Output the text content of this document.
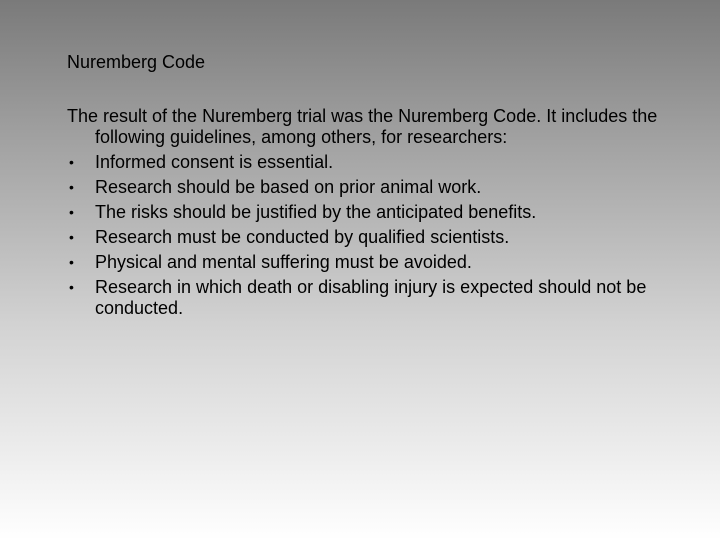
Nuremberg Code

The result of the Nuremberg trial was the Nuremberg Code. It includes the following guidelines, among others, for researchers:

• Informed consent is essential.
• Research should be based on prior animal work.
• The risks should be justified by the anticipated benefits.
• Research must be conducted by qualified scientists.
• Physical and mental suffering must be avoided.
• Research in which death or disabling injury is expected should not be conducted.
